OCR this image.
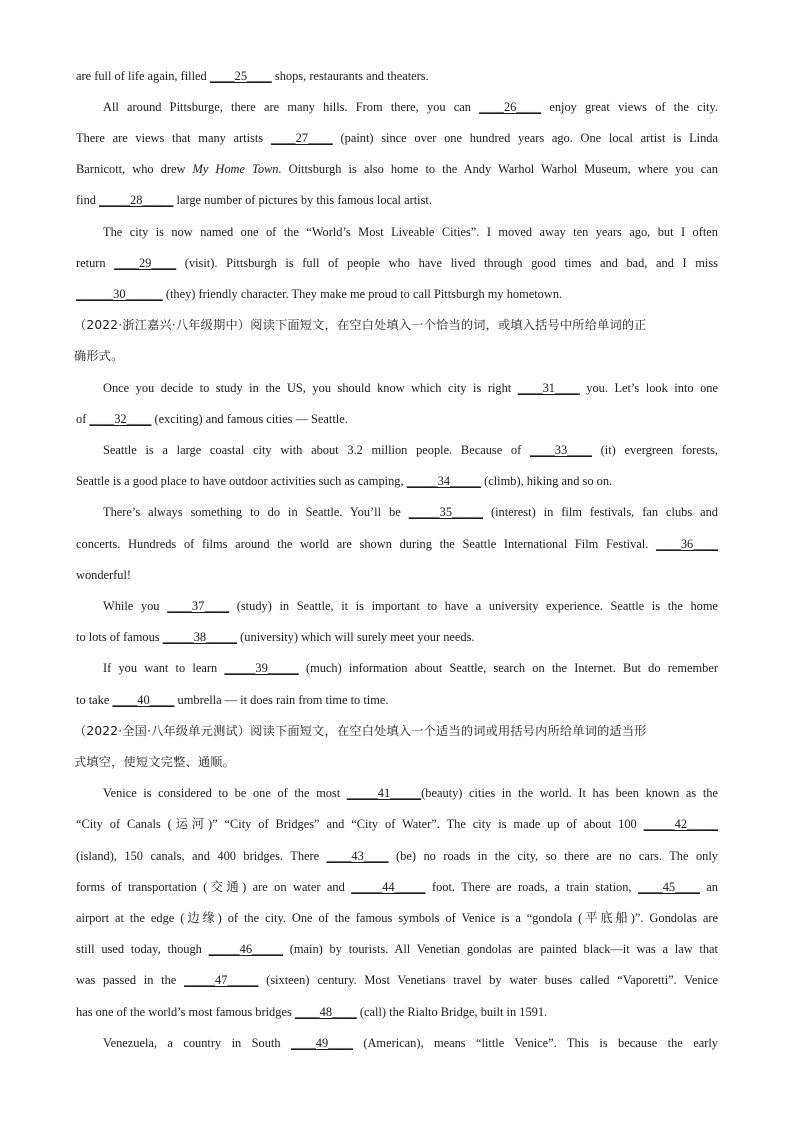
are full of life again, filled ____25____ shops, restaurants and theaters.
All around Pittsburge, there are many hills. From there, you can ____26____ enjoy great views of the city.
There are views that many artists ____27____ (paint) since over one hundred years ago. One local artist is Linda
Barnicott, who drew My Home Town. Oittsburgh is also home to the Andy Warhol Warhol Museum, where you can
find _____28_____ large number of pictures by this famous local artist.
The city is now named one of the “World’s Most Liveable Cities”. I moved away ten years ago, but I often
return ____29____ (visit). Pittsburgh is full of people who have lived through good times and bad, and I miss
______30______ (they) friendly character. They make me proud to call Pittsburgh my hometown.
（2022·浙江嘉兴·八年级期中）阅读下面短文，在空白处填入一个恰当的词，或填入括号中所给单词的正
确形式。
Once you decide to study in the US, you should know which city is right ____31____ you. Let’s look into one
of ____32____ (exciting) and famous cities — Seattle.
Seattle is a large coastal city with about 3.2 million people. Because of ____33____ (it) evergreen forests,
Seattle is a good place to have outdoor activities such as camping, _____34_____ (climb), hiking and so on.
There’s always something to do in Seattle. You’ll be _____35_____ (interest) in film festivals, fan clubs and
concerts. Hundreds of films around the world are shown during the Seattle International Film Festival. ____36____
wonderful!
While you ____37____ (study) in Seattle, it is important to have a university experience. Seattle is the home
to lots of famous _____38_____ (university) which will surely meet your needs.
If you want to learn _____39_____ (much) information about Seattle, search on the Internet. But do remember
to take ____40____ umbrella — it does rain from time to time.
（2022·全国·八年级单元测试）阅读下面短文，在空白处填入一个适当的词或用括号内所给单词的适当形
式填空，使短文完整、通顺。
Venice is considered to be one of the most _____41_____(beauty) cities in the world. It has been known as the
“City of Canals (运河)” “City of Bridges” and “City of Water”. The city is made up of about 100 _____42_____
(island), 150 canals, and 400 bridges. There ____43____ (be) no roads in the city, so there are no cars. The only
forms of transportation (交通) are on water and _____44_____ foot. There are roads, a train station, ____45____ an
airport at the edge (边缘) of the city. One of the famous symbols of Venice is a “gondola (平底船)”. Gondolas are
still used today, though _____46_____ (main) by tourists. All Venetian gondolas are painted black—it was a law that
was passed in the _____47_____ (sixteen) century. Most Venetians travel by water buses called “Vaporetti”. Venice
has one of the world’s most famous bridges ____48____ (call) the Rialto Bridge, built in 1591.
Venezuela, a country in South ____49____ (American), means “little Venice”. This is because the early
